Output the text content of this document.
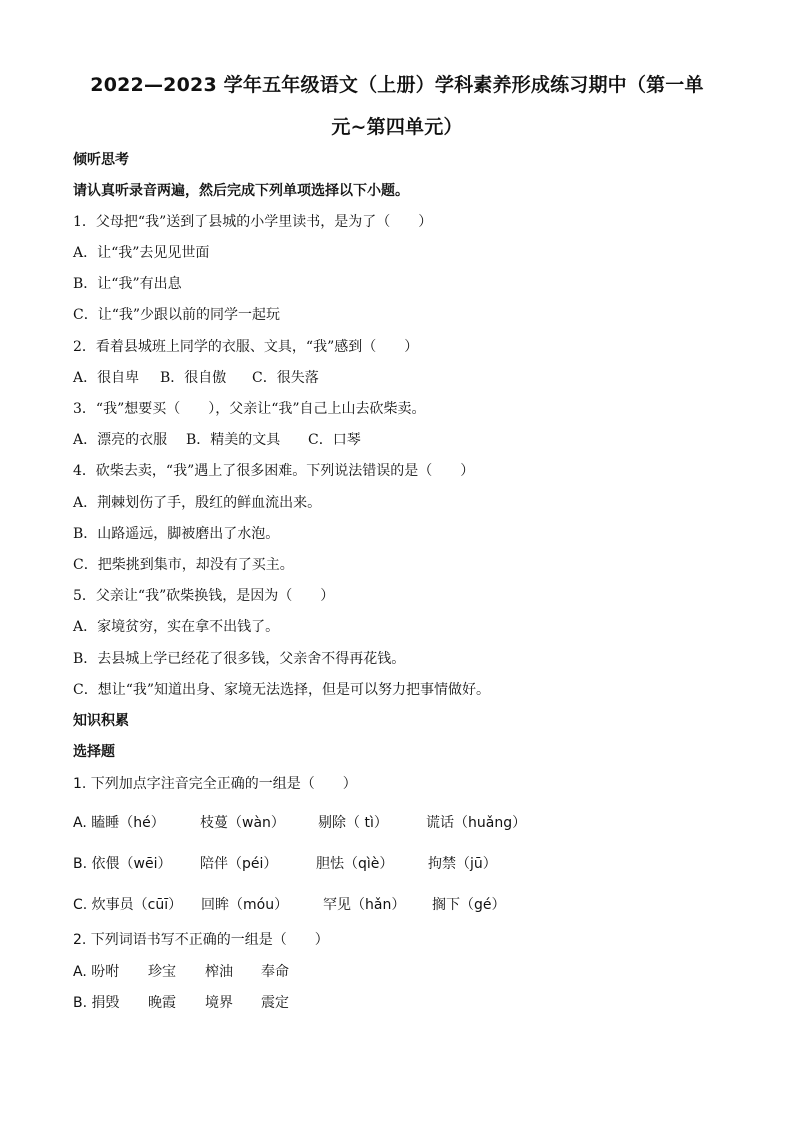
2022—2023 学年五年级语文（上册）学科素养形成练习期中（第一单
元~第四单元）
倾听思考
请认真听录音两遍，然后完成下列单项选择以下小题。
1．父母把“我”送到了县城的小学里读书，是为了（　　）
A．让“我”去见见世面
B．让“我”有出息
C．让“我”少跟以前的同学一起玩
2．看着县城班上同学的衣服、文具，“我”感到（　　）
A．很自卑 B．很自傲 C．很失落
3．“我”想要买（　　），父亲让“我”自己上山去砍柴卖。
A．漂亮的衣服 B．精美的文具 C．口琴
4．砍柴去卖，“我”遇上了很多困难。下列说法错误的是（　　）
A．荆棘划伤了手，殷红的鲜血流出来。
B．山路遥远，脚被磨出了水泡。
C．把柴挑到集市，却没有了买主。
5．父亲让“我”砍柴换钱，是因为（　　）
A．家境贫穷，实在拿不出钱了。
B．去县城上学已经花了很多钱，父亲舍不得再花钱。
C．想让“我”知道出身、家境无法选择，但是可以努力把事情做好。
知识积累
选择题
1. 下列加点字注音完全正确的一组是（　　）
A. 瞌睡（hé）	枝蔓（wàn） 剔除（ tì）	谎话（huǎng）
B. 依偎（wēi） 陪伴（péi）	胆怯（qìè） 拘禁（jū）
C. 炊事员（cūī） 回眸（móu） 罕见（hǎn） 搁下（gé）
2. 下列词语书写不正确的一组是（　　）
A. 吩咐 珍宝 榨油 奉命
B. 捐毁 晚霞 境界 震定
